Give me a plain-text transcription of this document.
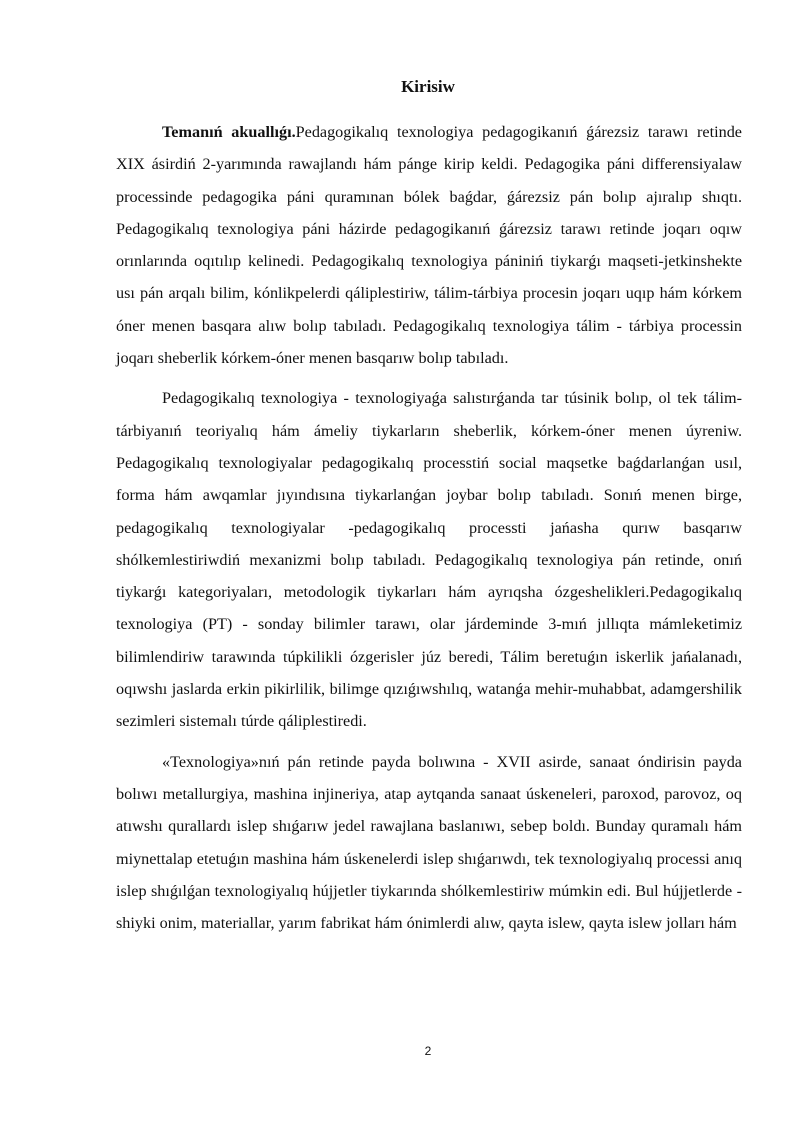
Kirisiw

Temanıń akuallıǵı.Pedagogikalıq texnologiya pedagogikanıń ǵárezsiz tarawı retinde XIX ásirdiń 2-yarımında rawajlandı hám pánge kirip keldi. Pedagogika páni differensiyalaw processinde pedagogika páni quramınan bólek baǵdar, ǵárezsiz pán bolıp ajıralıp shıqtı. Pedagogikalıq texnologiya páni házirde pedagogikanıń ǵárezsiz tarawı retinde joqarı oqıw orınlarında oqıtılıp kelinedi. Pedagogikalıq texnologiya pániniń tiykarǵı maqseti-jetkinshekte usı pán arqalı bilim, kónlikpelerdi qáliplestiriw, tálim-tárbiya procesin joqarı uqıp hám kórkem óner menen basqara alıw bolıp tabıladı. Pedagogikalıq texnologiya tálim - tárbiya processin joqarı sheberlik kórkem-óner menen basqarıw bolıp tabıladı.

Pedagogikalıq texnologiya - texnologiyaǵa salıstırǵanda tar túsinik bolıp, ol tek tálim-tárbiyanıń teoriyalıq hám ámeliy tiykarların sheberlik, kórkem-óner menen úyreniw. Pedagogikalıq texnologiyalar pedagogikalıq processtiń social maqsetke baǵdarlanǵan usıl, forma hám awqamlar jıyındısına tiykarlanǵan joybar bolıp tabıladı. Sonıń menen birge, pedagogikalıq texnologiyalar -pedagogikalıq processti jańasha qurıw basqarıw shólkemlestiriwdiń mexanizmi bolıp tabıladı. Pedagogikalıq texnologiya pán retinde, onıń tiykarǵı kategoriyaları, metodologik tiykarları hám ayrıqsha ózgeshelikleri.Pedagogikalıq texnologiya (PT) - sonday bilimler tarawı, olar járdeminde 3-mıń jıllıqta mámleketimiz bilimlendiriw tarawında túpkilikli ózgerisler júz beredi, Tálim beretuǵın iskerlik jańalanadı, oqıwshı jaslarda erkin pikirlilik, bilimge qızıǵıwshılıq, watanǵa mehir-muhabbat, adamgershilik sezimleri sistemalı túrde qáliplestiredi.

«Texnologiya»nıń pán retinde payda bolıwına - XVII asirde, sanaat óndirisin payda bolıwı metallurgiya, mashina injineriya, atap aytqanda sanaat úskeneleri, paroxod, parovoz, oq atıwshı qurallardı islep shıǵarıw jedel rawajlana baslanıwı, sebep boldı. Bunday quramalı hám miynettalap etetuǵın mashina hám úskenelerdi islep shıǵarıwdı, tek texnologiyalıq processi anıq islep shıǵılǵan texnologiyalıq hújjetler tiykarında shólkemlestiriw múmkin edi. Bul hújjetlerde - shiyki onim, materiallar, yarım fabrikat hám ónimlerdi alıw, qayta islew, qayta islew jolları hám

2
